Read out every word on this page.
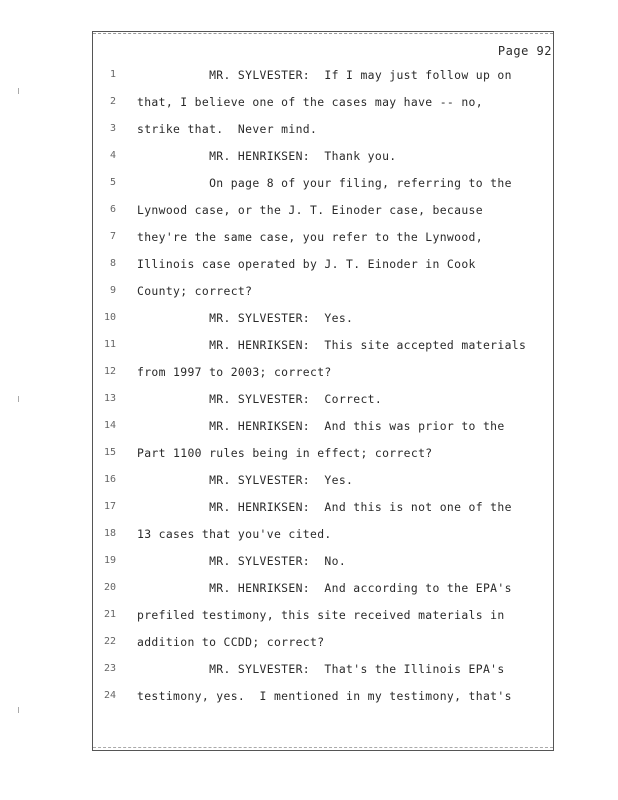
Page 92
1 MR. SYLVESTER:  If I may just follow up on
2 that, I believe one of the cases may have -- no,
3 strike that.  Never mind.
4 MR. HENRIKSEN:  Thank you.
5 On page 8 of your filing, referring to the
6 Lynwood case, or the J. T. Einoder case, because
7 they're the same case, you refer to the Lynwood,
8 Illinois case operated by J. T. Einoder in Cook
9 County; correct?
10 MR. SYLVESTER:  Yes.
11 MR. HENRIKSEN:  This site accepted materials
12 from 1997 to 2003; correct?
13 MR. SYLVESTER:  Correct.
14 MR. HENRIKSEN:  And this was prior to the
15 Part 1100 rules being in effect; correct?
16 MR. SYLVESTER:  Yes.
17 MR. HENRIKSEN:  And this is not one of the
18 13 cases that you've cited.
19 MR. SYLVESTER:  No.
20 MR. HENRIKSEN:  And according to the EPA's
21 prefiled testimony, this site received materials in
22 addition to CCDD; correct?
23 MR. SYLVESTER:  That's the Illinois EPA's
24 testimony, yes.  I mentioned in my testimony, that's
